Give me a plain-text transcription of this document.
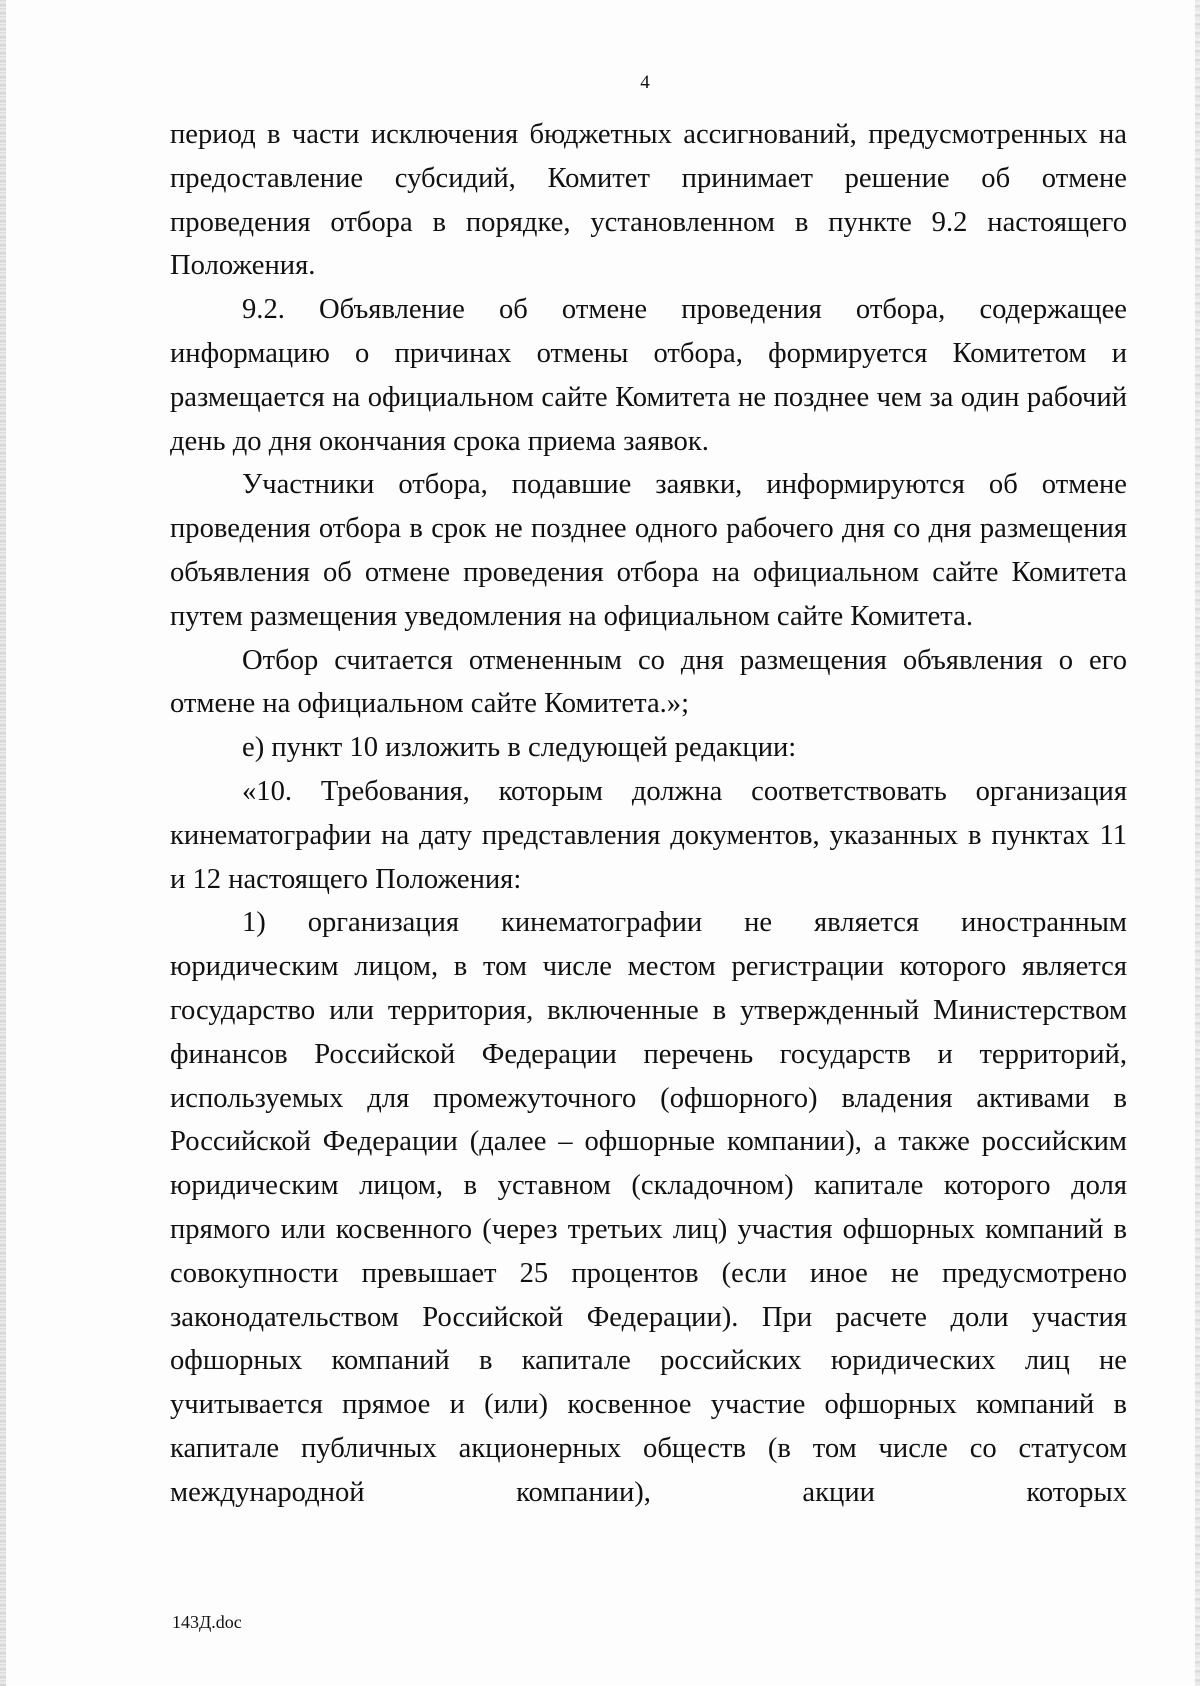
4

период в части исключения бюджетных ассигнований, предусмотренных на предоставление субсидий, Комитет принимает решение об отмене проведения отбора в порядке, установленном в пункте 9.2 настоящего Положения.

9.2. Объявление об отмене проведения отбора, содержащее информацию о причинах отмены отбора, формируется Комитетом и размещается на официальном сайте Комитета не позднее чем за один рабочий день до дня окончания срока приема заявок.

Участники отбора, подавшие заявки, информируются об отмене проведения отбора в срок не позднее одного рабочего дня со дня размещения объявления об отмене проведения отбора на официальном сайте Комитета путем размещения уведомления на официальном сайте Комитета.

Отбор считается отмененным со дня размещения объявления о его отмене на официальном сайте Комитета.»;

е) пункт 10 изложить в следующей редакции:

«10. Требования, которым должна соответствовать организация кинематографии на дату представления документов, указанных в пунктах 11 и 12 настоящего Положения:

1) организация кинематографии не является иностранным юридическим лицом, в том числе местом регистрации которого является государство или территория, включенные в утвержденный Министерством финансов Российской Федерации перечень государств и территорий, используемых для промежуточного (офшорного) владения активами в Российской Федерации (далее – офшорные компании), а также российским юридическим лицом, в уставном (складочном) капитале которого доля прямого или косвенного (через третьих лиц) участия офшорных компаний в совокупности превышает 25 процентов (если иное не предусмотрено законодательством Российской Федерации). При расчете доли участия офшорных компаний в капитале российских юридических лиц не учитывается прямое и (или) косвенное участие офшорных компаний в капитале публичных акционерных обществ (в том числе со статусом международной компании), акции которых

143Д.doc
